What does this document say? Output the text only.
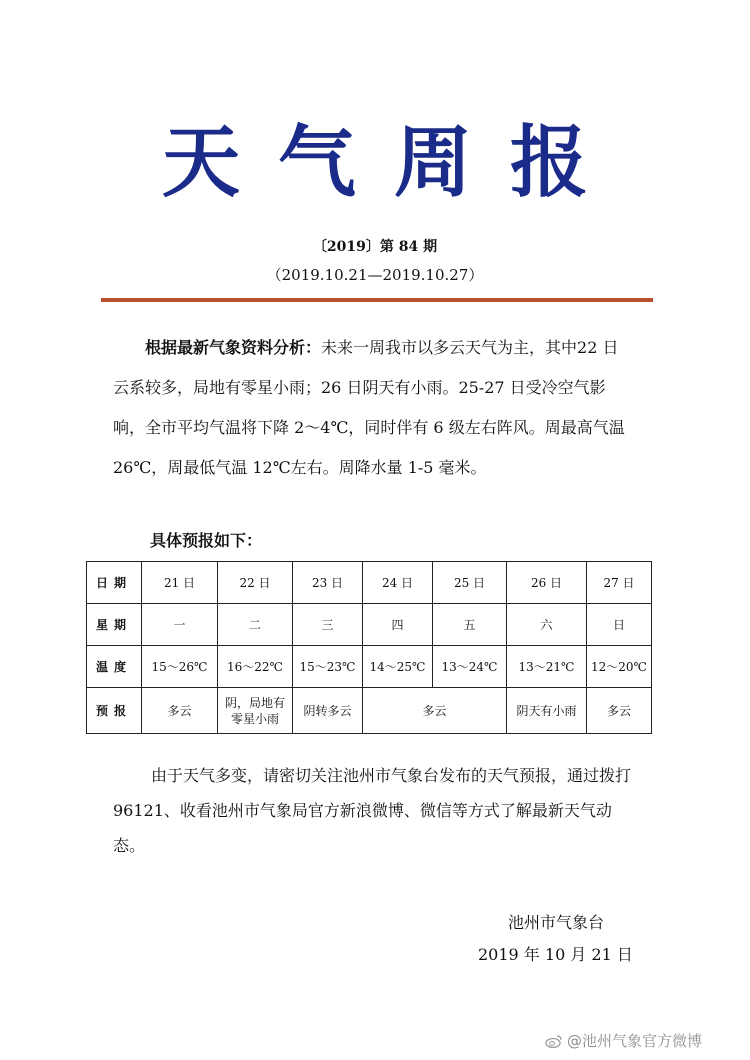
天气周报
〔2019〕第 84 期
（2019.10.21—2019.10.27）
根据最新气象资料分析：未来一周我市以多云天气为主，其中22 日云系较多，局地有零星小雨；26 日阴天有小雨。25-27 日受冷空气影响，全市平均气温将下降 2～4℃，同时伴有 6 级左右阵风。周最高气温 26℃，周最低气温 12℃左右。周降水量 1-5 毫米。
具体预报如下：
日期	21 日	22 日	23 日	24 日	25 日	26 日	27 日
星期	一	二	三	四	五	六	日
温度	15～26℃	16～22℃	15～23℃	14～25℃	13～24℃	13～21℃	12～20℃
预报	多云	阴，局地有零星小雨	阴转多云	多云		阴天有小雨	多云
由于天气多变，请密切关注池州市气象台发布的天气预报，通过拨打96121、收看池州市气象局官方新浪微博、微信等方式了解最新天气动态。
池州市气象台
2019 年 10 月 21 日
@池州气象官方微博
